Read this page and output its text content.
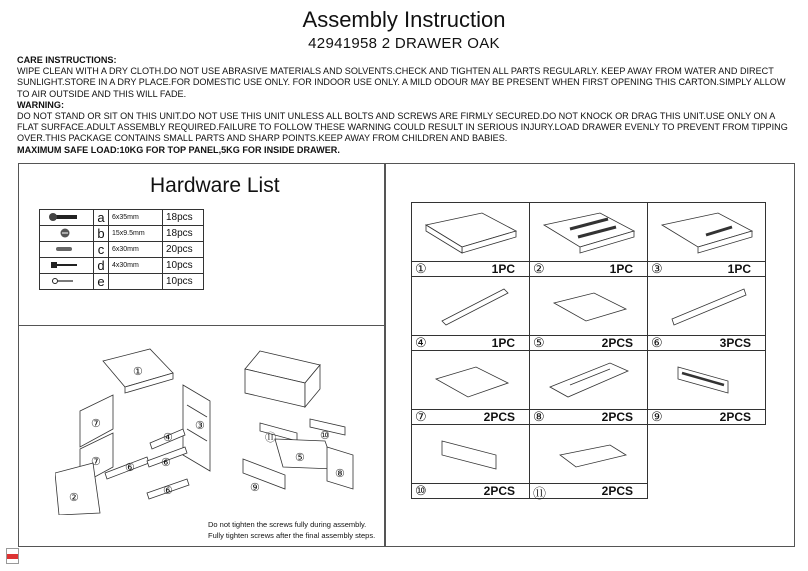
Assembly Instruction
42941958 2 DRAWER OAK

CARE INSTRUCTIONS:

WIPE CLEAN WITH A DRY CLOTH.DO NOT USE ABRASIVE MATERIALS AND SOLVENTS.CHECK AND TIGHTEN ALL PARTS REGULARLY. KEEP AWAY FROM WATER AND DIRECT SUNLIGHT.STORE IN A DRY PLACE.FOR DOMESTIC USE ONLY. FOR INDOOR USE ONLY. A MILD ODOUR MAY BE PRESENT WHEN FIRST OPENING THIS CARTON.SIMPLY ALLOW TO AIR OUTSIDE AND THIS WILL FADE.

WARNING:

DO NOT STAND OR SIT ON THIS UNIT.DO NOT USE THIS UNIT UNLESS ALL BOLTS AND SCREWS ARE FIRMLY SECURED.DO NOT KNOCK OR DRAG THIS UNIT.USE ONLY ON A FLAT SURFACE.ADULT ASSEMBLY REQUIRED.FAILURE TO FOLLOW THESE WARNING COULD RESULT IN SERIOUS INJURY.LOAD DRAWER EVENLY TO PREVENT FROM TIPPING OVER.THIS PACKAGE CONTAINS SMALL PARTS AND SHARP POINTS.KEEP AWAY FROM CHILDREN AND BABIES.

MAXIMUM SAFE LOAD:10KG FOR TOP PANEL,5KG FOR INSIDE DRAWER.

Hardware List
	a	6x35mm	18pcs
	b	15x9.5mm	18pcs
	c	6x30mm	20pcs
	d	4x30mm	10pcs
	e		10pcs
①
⑦
⑦
②
④
③
⑥ ⑥
⑥
⑪	⑩
⑤
⑧
⑨
Do not tighten the screws fully during assembly.
Fully tighten screws after the final assembly steps.
①	1PC ②	1PC ③	1PC
④	1PC ⑤	2PCS ⑥	3PCS
⑦	2PCS ⑧	2PCS ⑨	2PCS
⑩	2PCS ⑪	2PCS
